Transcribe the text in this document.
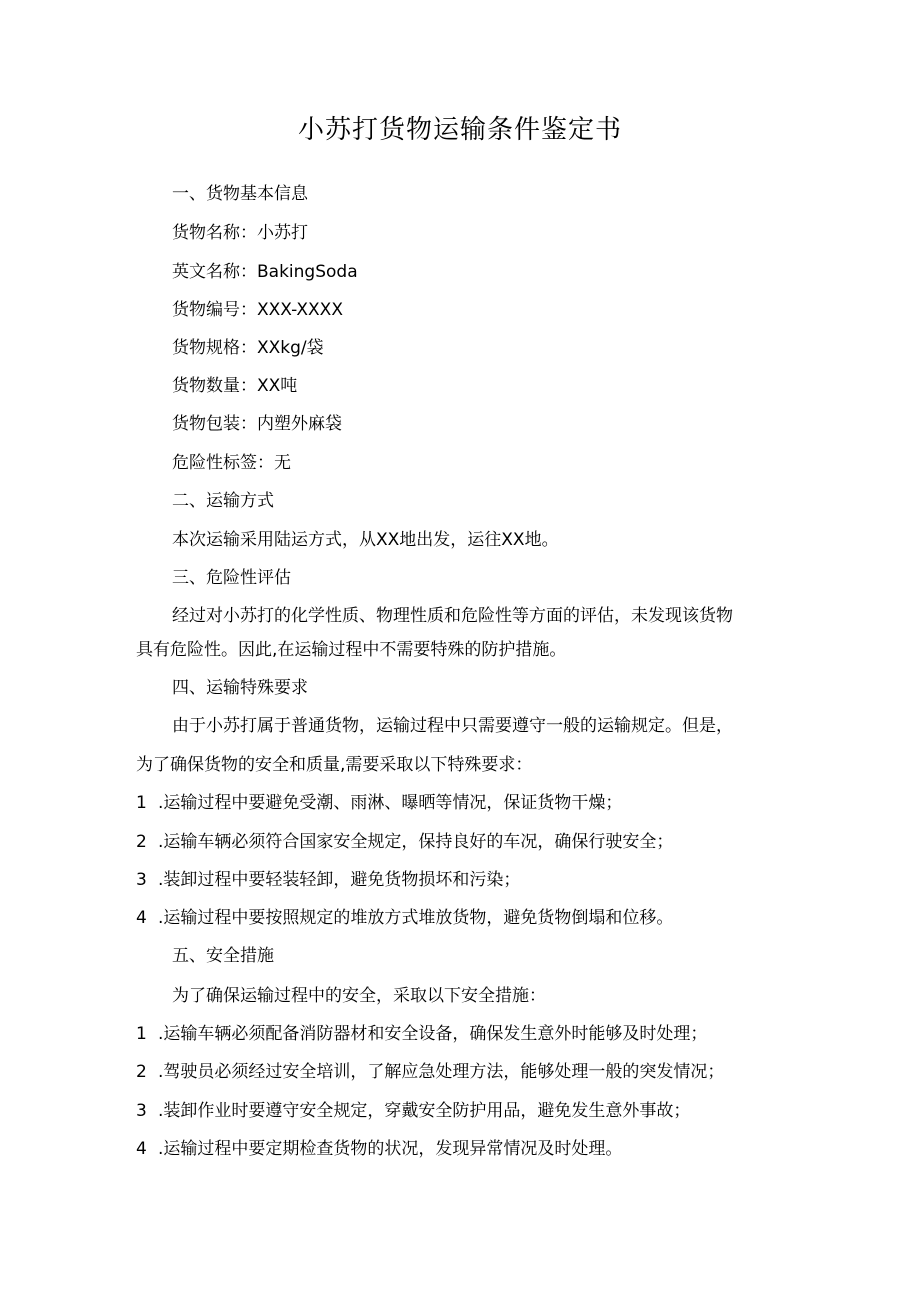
小苏打货物运输条件鉴定书
一、货物基本信息
货物名称：小苏打
英文名称：BakingSoda
货物编号：XXX-XXXX
货物规格：XXkg/袋
货物数量：XX吨
货物包装：内塑外麻袋
危险性标签：无
二、运输方式
本次运输采用陆运方式，从XX地出发，运往XX地。
三、危险性评估
经过对小苏打的化学性质、物理性质和危险性等方面的评估，未发现该货物
具有危险性。因此,在运输过程中不需要特殊的防护措施。
四、运输特殊要求
由于小苏打属于普通货物，运输过程中只需要遵守一般的运输规定。但是，
为了确保货物的安全和质量,需要采取以下特殊要求：
1 .运输过程中要避免受潮、雨淋、曝晒等情况，保证货物干燥；
2 .运输车辆必须符合国家安全规定，保持良好的车况，确保行驶安全；
3 .装卸过程中要轻装轻卸，避免货物损坏和污染；
4 .运输过程中要按照规定的堆放方式堆放货物，避免货物倒塌和位移。
五、安全措施
为了确保运输过程中的安全，采取以下安全措施：
1 .运输车辆必须配备消防器材和安全设备，确保发生意外时能够及时处理；
2 .驾驶员必须经过安全培训，了解应急处理方法，能够处理一般的突发情况；
3 .装卸作业时要遵守安全规定，穿戴安全防护用品，避免发生意外事故；
4 .运输过程中要定期检查货物的状况，发现异常情况及时处理。
